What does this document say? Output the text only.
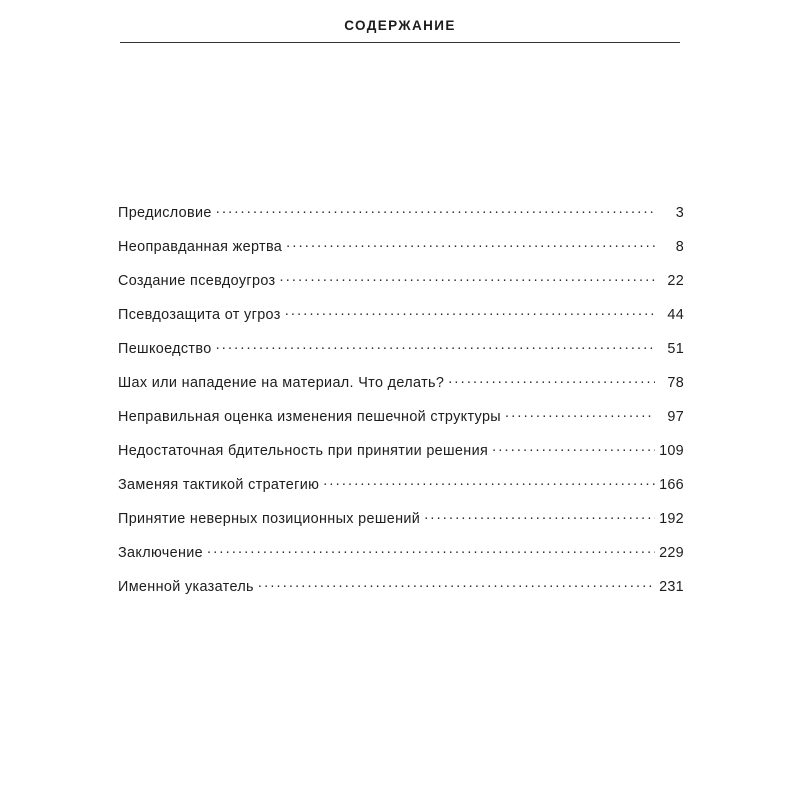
СОДЕРЖАНИЕ
Предисловие .....	3
Неоправданная жертва .....	8
Создание псевдоугроз .....	22
Псевдозащита от угроз .....	44
Пешкоедство .....	51
Шах или нападение на материал. Что делать? .....	78
Неправильная оценка изменения пешечной структуры .....	97
Недостаточная бдительность при принятии решения .....	109
Заменяя тактикой стратегию .....	166
Принятие неверных позиционных решений .....	192
Заключение .....	229
Именной указатель .....	231
